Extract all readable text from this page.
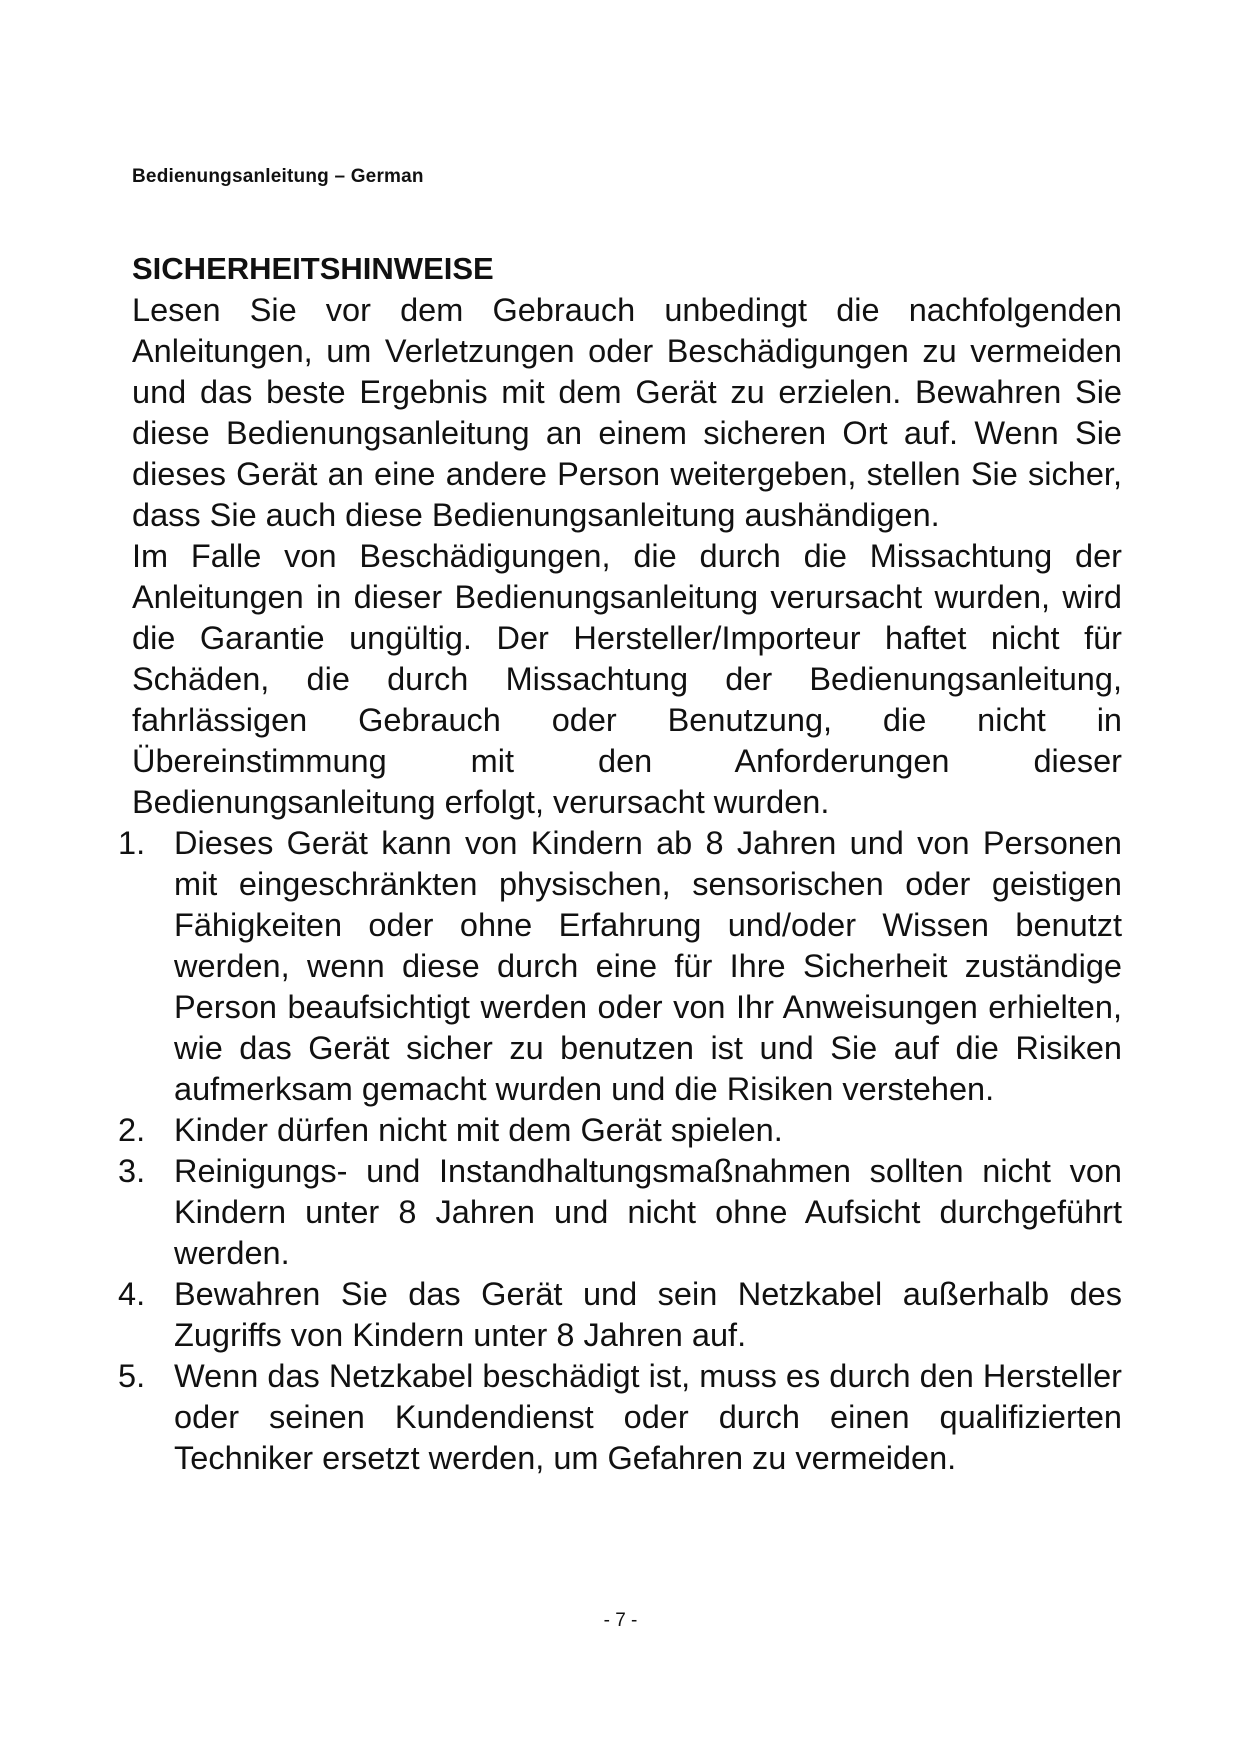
Bedienungsanleitung – German
SICHERHEITSHINWEISE

Lesen Sie vor dem Gebrauch unbedingt die nachfolgenden Anleitungen, um Verletzungen oder Beschädigungen zu vermeiden und das beste Ergebnis mit dem Gerät zu erzielen. Bewahren Sie diese Bedienungsanleitung an einem sicheren Ort auf. Wenn Sie dieses Gerät an eine andere Person weitergeben, stellen Sie sicher, dass Sie auch diese Bedienungsanleitung aushändigen.

Im Falle von Beschädigungen, die durch die Missachtung der Anleitungen in dieser Bedienungsanleitung verursacht wurden, wird die Garantie ungültig. Der Hersteller/Importeur haftet nicht für Schäden, die durch Missachtung der Bedienungsanleitung, fahrlässigen Gebrauch oder Benutzung, die nicht in Übereinstimmung mit den Anforderungen dieser Bedienungsanleitung erfolgt, verursacht wurden.

1. Dieses Gerät kann von Kindern ab 8 Jahren und von Personen mit eingeschränkten physischen, sensorischen oder geistigen Fähigkeiten oder ohne Erfahrung und/oder Wissen benutzt werden, wenn diese durch eine für Ihre Sicherheit zuständige Person beaufsichtigt werden oder von Ihr Anweisungen erhielten, wie das Gerät sicher zu benutzen ist und Sie auf die Risiken aufmerksam gemacht wurden und die Risiken verstehen.
2. Kinder dürfen nicht mit dem Gerät spielen.
3. Reinigungs- und Instandhaltungsmaßnahmen sollten nicht von Kindern unter 8 Jahren und nicht ohne Aufsicht durchgeführt werden.
4. Bewahren Sie das Gerät und sein Netzkabel außerhalb des Zugriffs von Kindern unter 8 Jahren auf.
5. Wenn das Netzkabel beschädigt ist, muss es durch den Hersteller oder seinen Kundendienst oder durch einen qualifizierten Techniker ersetzt werden, um Gefahren zu vermeiden.
- 7 -
